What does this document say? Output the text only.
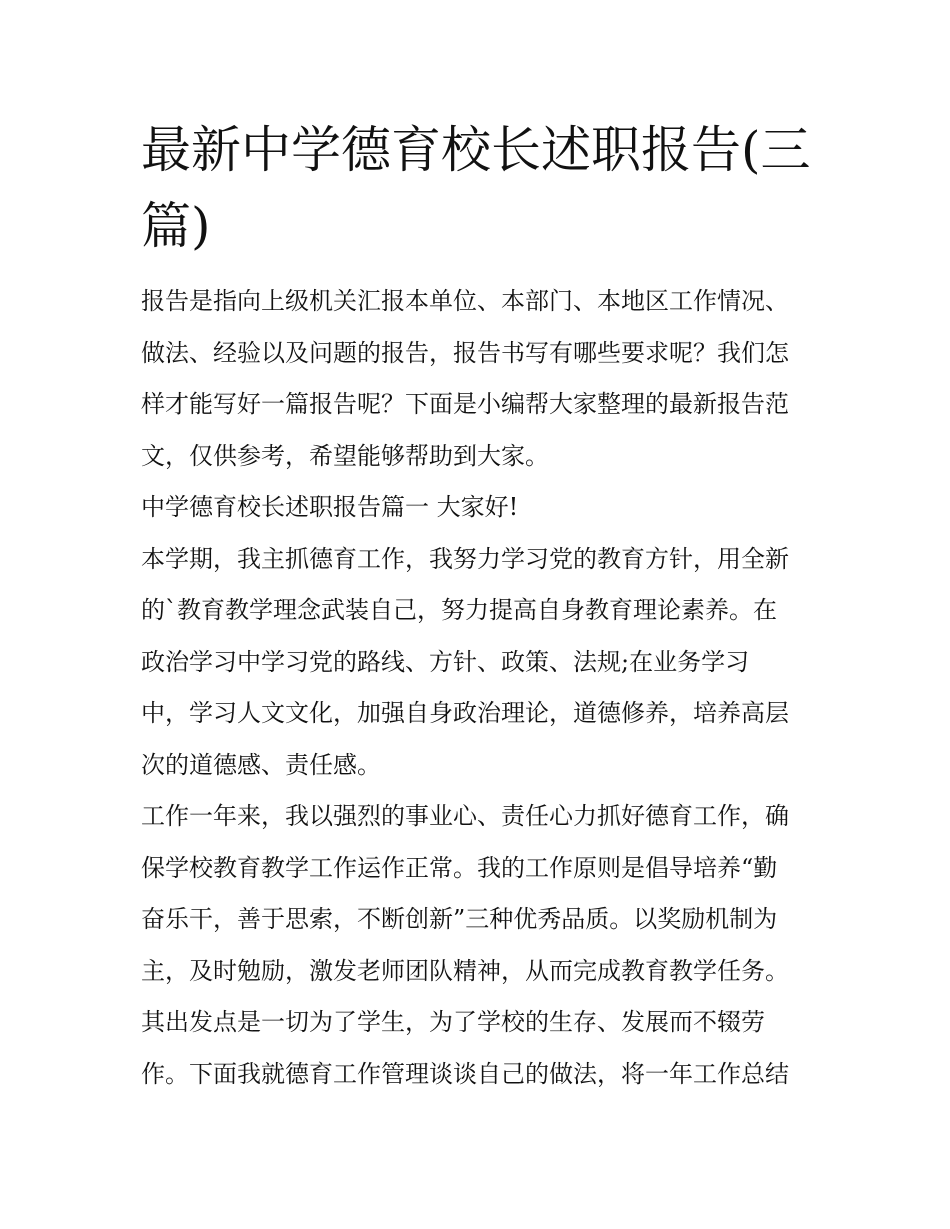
最新中学德育校长述职报告(三
篇)
报告是指向上级机关汇报本单位、本部门、本地区工作情况、
做法、经验以及问题的报告，报告书写有哪些要求呢？我们怎
样才能写好一篇报告呢？下面是小编帮大家整理的最新报告范
文，仅供参考，希望能够帮助到大家。
中学德育校长述职报告篇一 大家好!
本学期，我主抓德育工作，我努力学习党的教育方针，用全新
的`教育教学理念武装自己，努力提高自身教育理论素养。在
政治学习中学习党的路线、方针、政策、法规;在业务学习
中，学习人文文化，加强自身政治理论，道德修养，培养高层
次的道德感、责任感。
工作一年来，我以强烈的事业心、责任心力抓好德育工作，确
保学校教育教学工作运作正常。我的工作原则是倡导培养“勤
奋乐干，善于思索，不断创新”三种优秀品质。以奖励机制为
主，及时勉励，激发老师团队精神，从而完成教育教学任务。
其出发点是一切为了学生，为了学校的生存、发展而不辍劳
作。下面我就德育工作管理谈谈自己的做法，将一年工作总结
